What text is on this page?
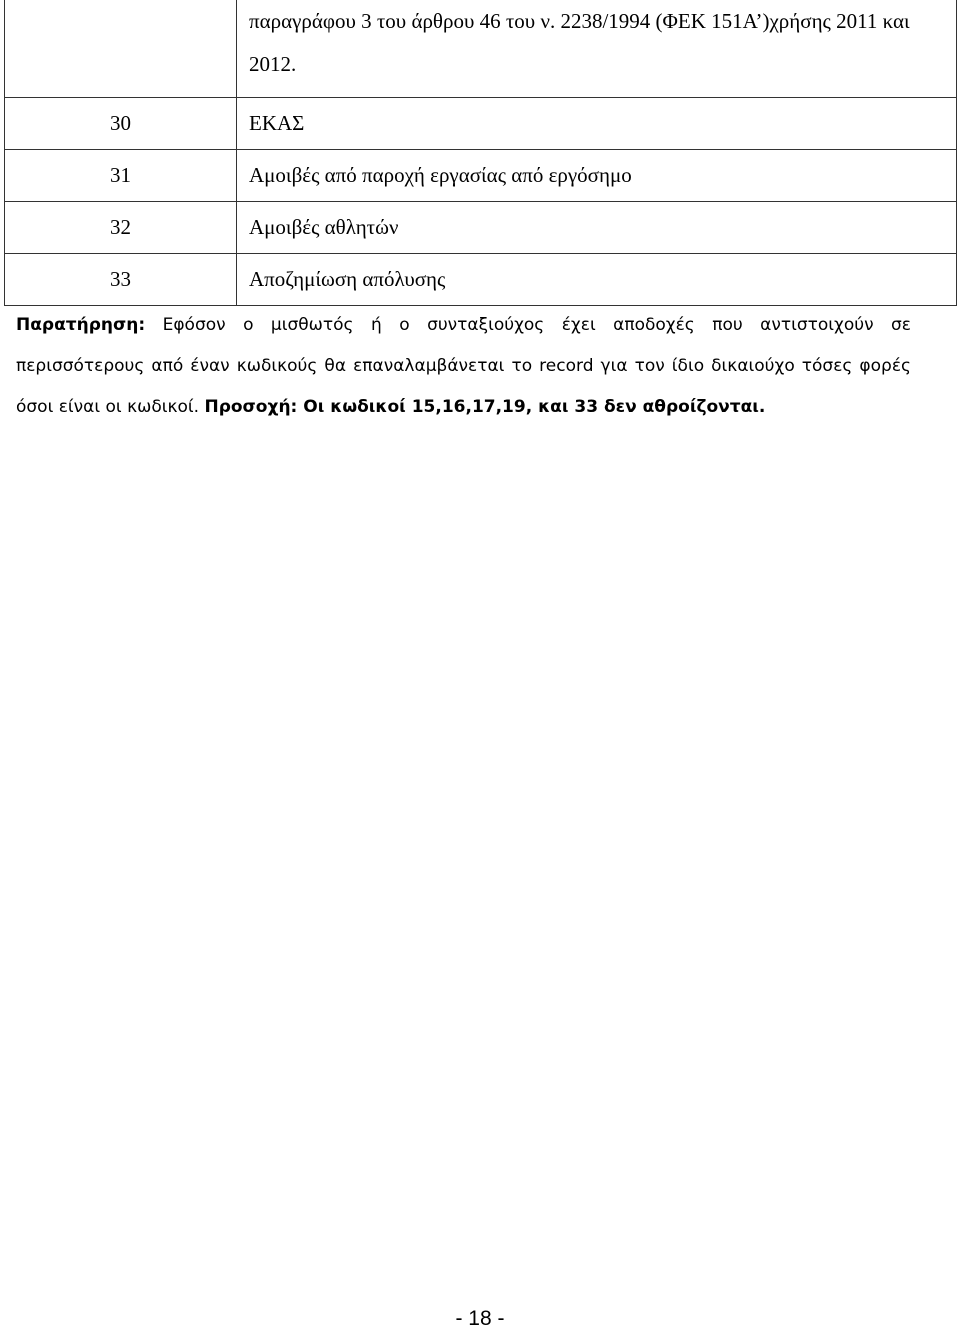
	παραγράφου 3 του άρθρου 46 του ν. 2238/1994 (ΦΕΚ 151Α’)χρήσης 2011 και 2012.
30	ΕΚΑΣ
31	Αμοιβές από παροχή εργασίας από εργόσημο
32	Αμοιβές αθλητών
33	Αποζημίωση απόλυσης

Παρατήρηση: Εφόσον ο μισθωτός ή ο συνταξιούχος έχει αποδοχές που αντιστοιχούν σε περισσότερους από έναν κωδικούς θα επαναλαμβάνεται το record για τον ίδιο δικαιούχο τόσες φορές όσοι είναι οι κωδικοί. Προσοχή: Οι κωδικοί 15,16,17,19, και 33 δεν αθροίζονται.

- 18 -
